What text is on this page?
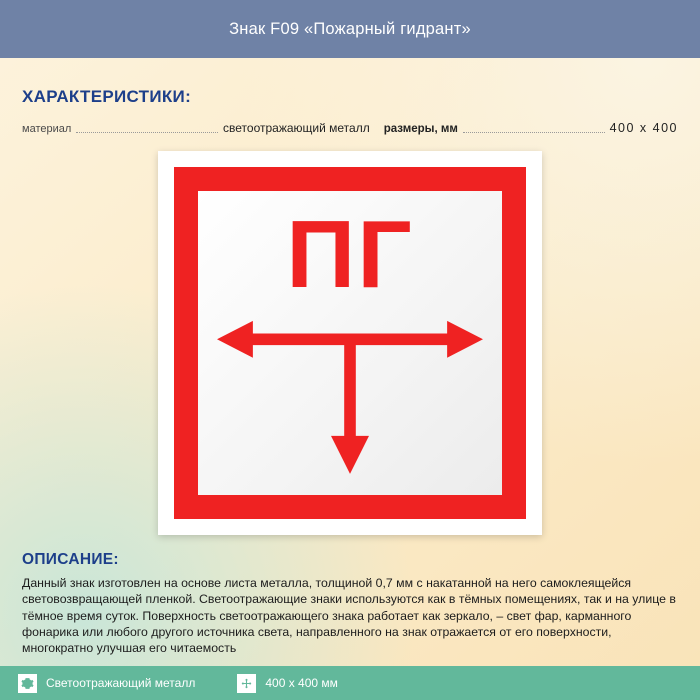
Знак F09 «Пожарный гидрант»
ХАРАКТЕРИСТИКИ:
материал	светоотражающий металл размеры, мм	400 x 400
ПГ
ОПИСАНИЕ:
Данный знак изготовлен на основе листа металла, толщиной 0,7 мм с накатанной на него самоклеящейся световозвращающей пленкой. Светоотражающие знаки используются как в тёмных помещениях, так и на улице в тёмное время суток. Поверхность светоотражающего знака работает как зеркало, – свет фар, карманного фонарика или любого другого источника света, направленного на знак отражается от его поверхности, многократно улучшая его читаемость
Светоотражающий металл	400 x 400 мм
